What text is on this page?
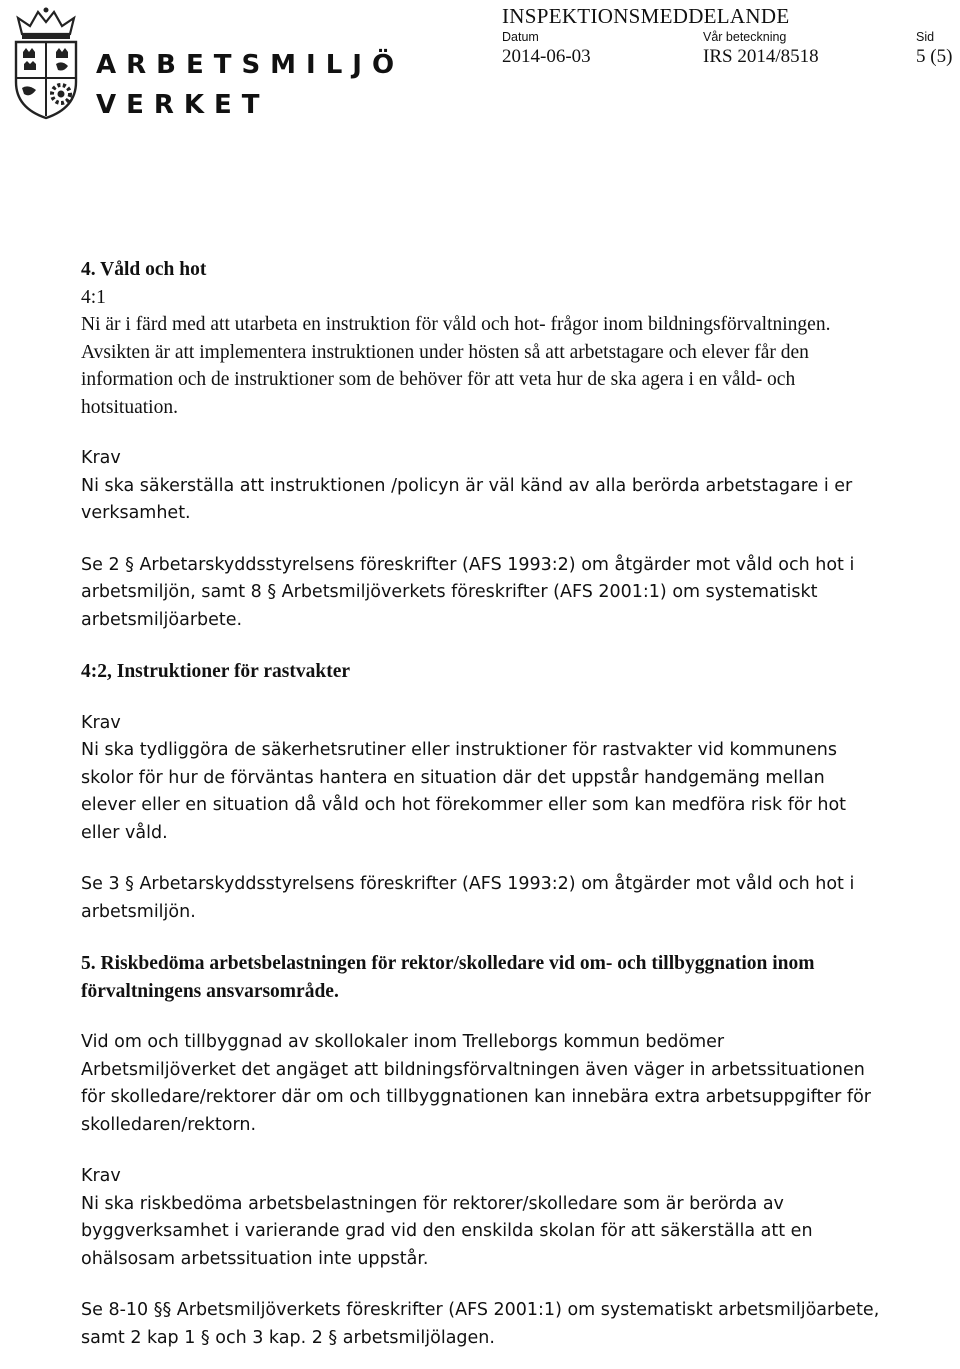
ARBETSMILJÖ
VERKET
INSPEKTIONSMEDDELANDE
Datum	Vår beteckning	Sid
2014-06-03	IRS 2014/8518	5 (5)

4. Våld och hot

4:1

Ni är i färd med att utarbeta en instruktion för våld och hot- frågor inom bildningsförvaltningen. Avsikten är att implementera instruktionen under hösten så att arbetstagare och elever får den information och de instruktioner som de behöver för att veta hur de ska agera i en våld- och hotsituation.

Krav

Ni ska säkerställa att instruktionen /policyn är väl känd av alla berörda arbetstagare i er verksamhet.

Se 2 § Arbetarskyddsstyrelsens föreskrifter (AFS 1993:2) om åtgärder mot våld och hot i arbetsmiljön, samt 8 § Arbetsmiljöverkets föreskrifter (AFS 2001:1) om systematiskt arbetsmiljöarbete.

4:2, Instruktioner för rastvakter

Krav

Ni ska tydliggöra de säkerhetsrutiner eller instruktioner för rastvakter vid kommunens skolor för hur de förväntas hantera en situation där det uppstår handgemäng mellan elever eller en situation då våld och hot förekommer eller som kan medföra risk för hot eller våld.

Se 3 § Arbetarskyddsstyrelsens föreskrifter (AFS 1993:2) om åtgärder mot våld och hot i arbetsmiljön.

5. Riskbedöma arbetsbelastningen för rektor/skolledare vid om- och tillbyggnation inom förvaltningens ansvarsområde.

Vid om och tillbyggnad av skollokaler inom Trelleborgs kommun bedömer Arbetsmiljöverket det angäget att bildningsförvaltningen även väger in arbetssituationen för skolledare/rektorer där om och tillbyggnationen kan innebära extra arbetsuppgifter för skolledaren/rektorn.

Krav

Ni ska riskbedöma arbetsbelastningen för rektorer/skolledare som är berörda av byggverksamhet i varierande grad vid den enskilda skolan för att säkerställa att en ohälsosam arbetssituation inte uppstår.

Se 8-10 §§ Arbetsmiljöverkets föreskrifter (AFS 2001:1) om systematiskt arbetsmiljöarbete, samt 2 kap 1 § och 3 kap. 2 § arbetsmiljölagen.
